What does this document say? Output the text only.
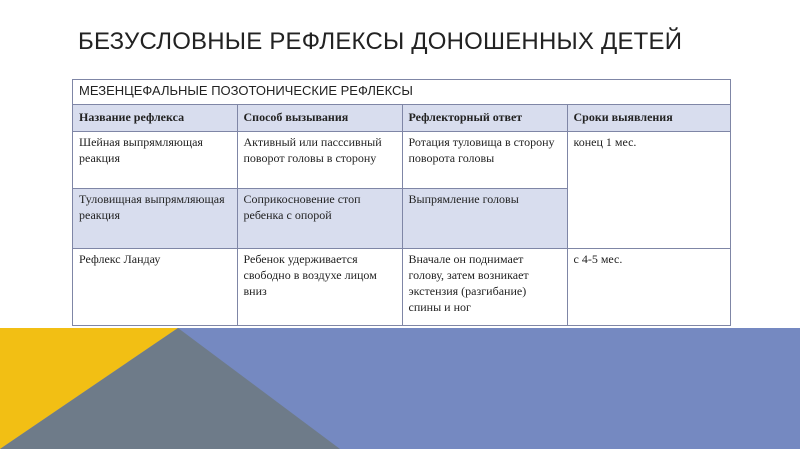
БЕЗУСЛОВНЫЕ РЕФЛЕКСЫ ДОНОШЕННЫХ ДЕТЕЙ
МЕЗЕНЦЕФАЛЬНЫЕ ПОЗОТОНИЧЕСКИЕ РЕФЛЕКСЫ
Название рефлекса	Способ вызывания	Рефлекторный ответ	Сроки выявления
Шейная выпрямляющая реакция	Активный или пасссивный поворот головы в сторону	Ротация туловища в сторону поворота головы	конец 1 мес.
Туловищная выпрямляющая реакция	Соприкосновение стоп ребенка с опорой	Выпрямление головы	
Рефлекс Ландау	Ребенок удерживается свободно в воздухе лицом вниз	Вначале он поднимает голову, затем возникает экстензия (разгибание) спины и ног	с 4-5 мес.
